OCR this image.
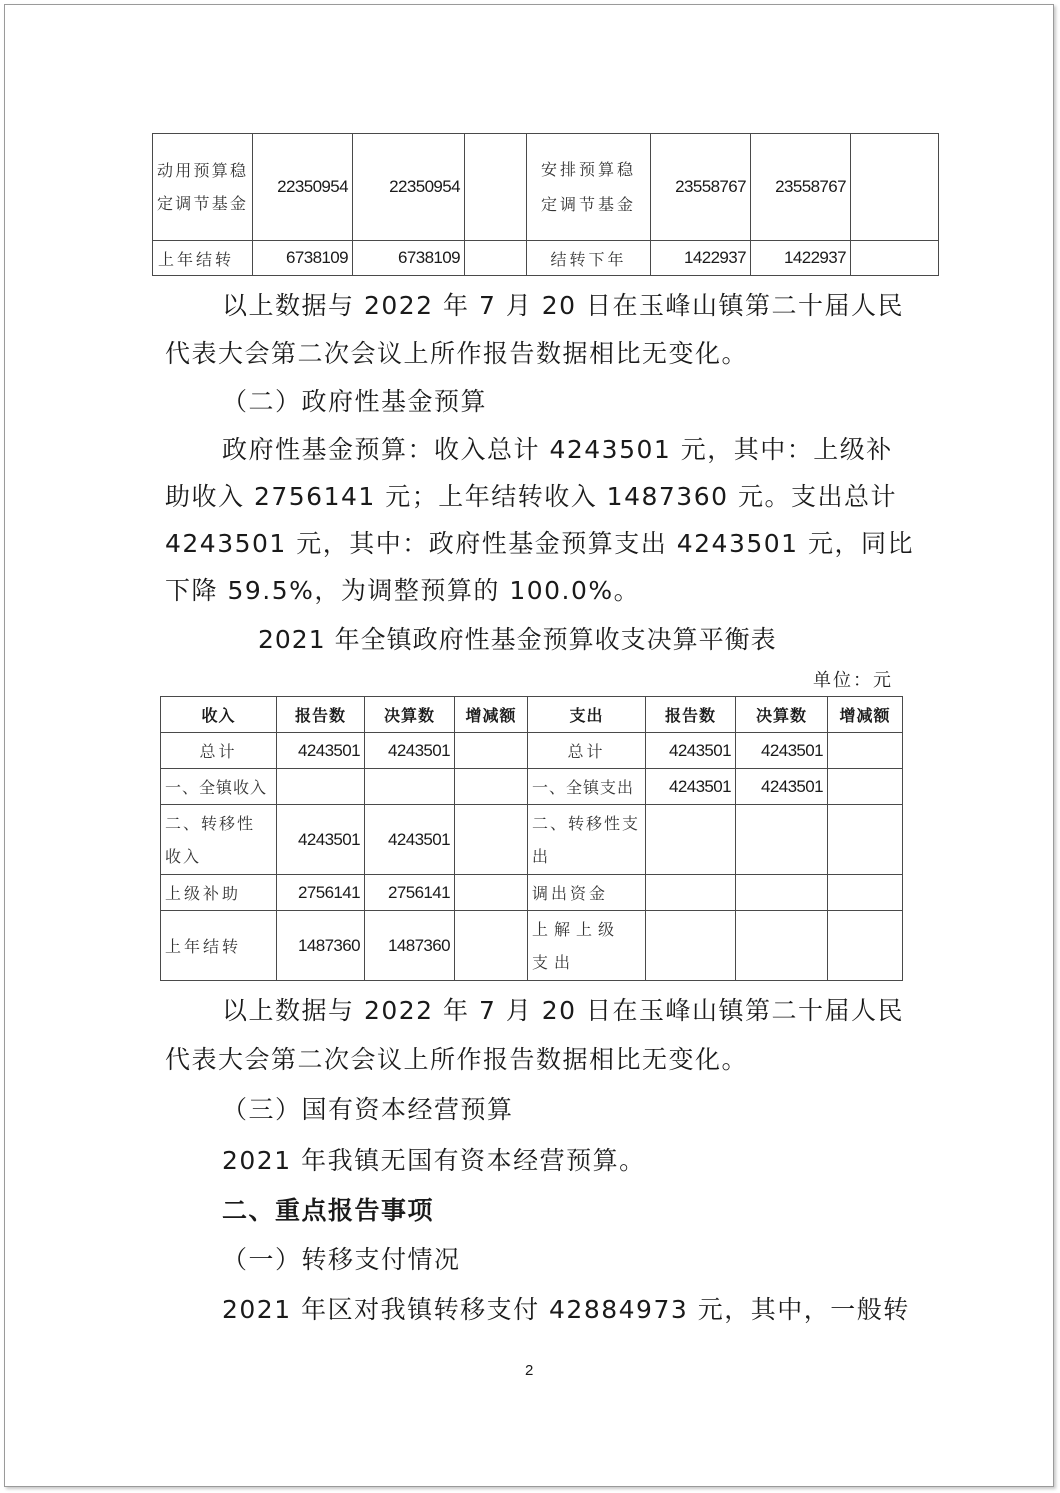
动用预算稳定调节基金	22350954	22350954		安排预算稳定调节基金	23558767	23558767	
上年结转	6738109	6738109		结转下年	1422937	1422937	
以上数据与 2022 年 7 月 20 日在玉峰山镇第二十届人民
代表大会第二次会议上所作报告数据相比无变化。
（二）政府性基金预算
政府性基金预算：收入总计 4243501 元，其中：上级补
助收入 2756141 元；上年结转收入 1487360 元。支出总计
4243501 元，其中：政府性基金预算支出 4243501 元，同比
下降 59.5%，为调整预算的 100.0%。
2021 年全镇政府性基金预算收支决算平衡表
单位：元
收入	报告数	决算数	增减额	支出	报告数	决算数	增减额
总计	4243501	4243501		总计	4243501	4243501	
一、全镇收入				一、全镇支出	4243501	4243501	
二、转移性收入	4243501	4243501		二、转移性支出			
上级补助	2756141	2756141		调出资金			
上年结转	1487360	1487360		上解上级支出			
以上数据与 2022 年 7 月 20 日在玉峰山镇第二十届人民
代表大会第二次会议上所作报告数据相比无变化。
（三）国有资本经营预算
2021 年我镇无国有资本经营预算。
二、重点报告事项
（一）转移支付情况
2021 年区对我镇转移支付 42884973 元，其中，一般转
2
